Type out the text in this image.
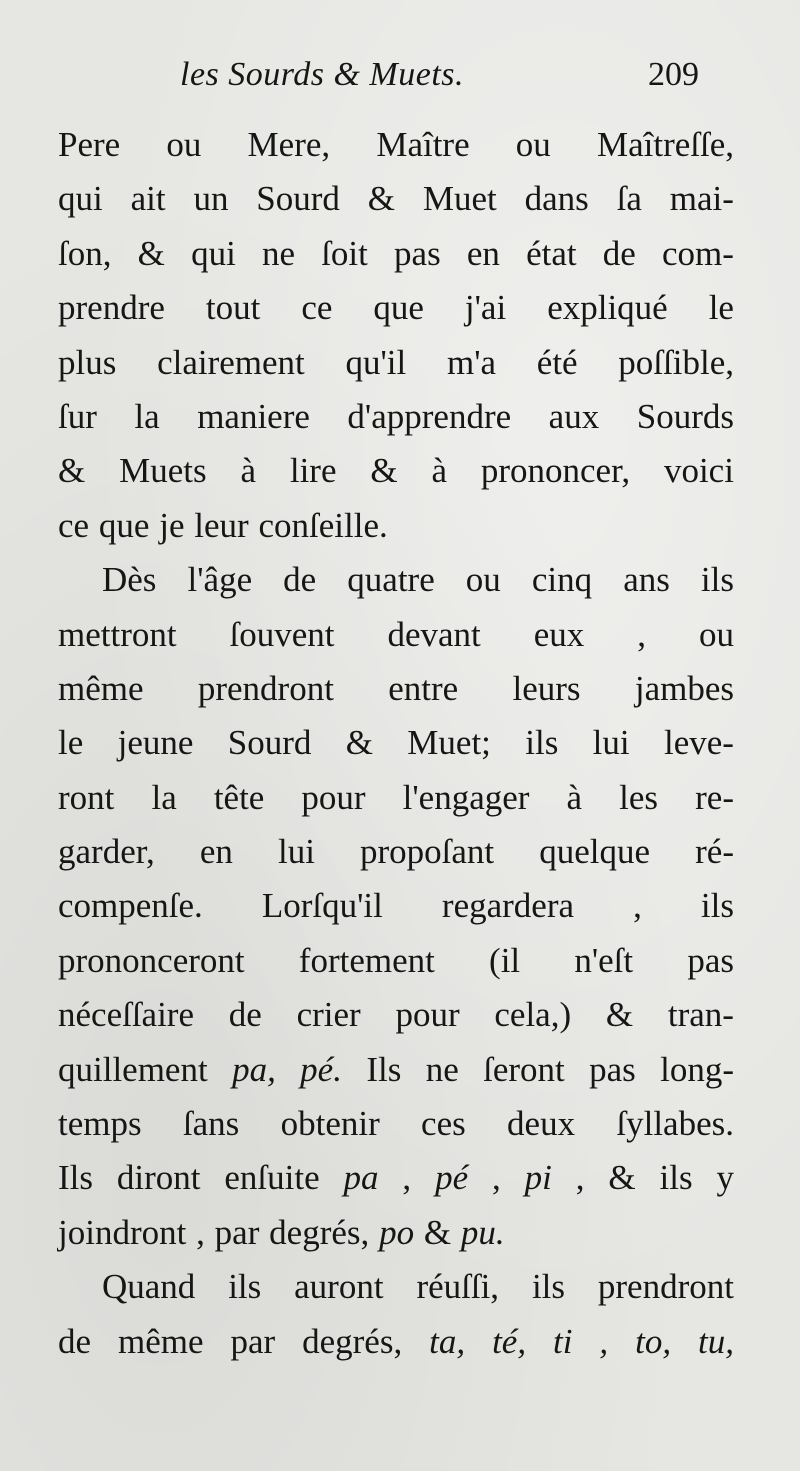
les Sourds & Muets.	209
Pere ou Mere, Maître ou Maîtreſſe,
qui ait un Sourd & Muet dans ſa mai-
ſon, & qui ne ſoit pas en état de com-
prendre tout ce que j'ai expliqué le
plus clairement qu'il m'a été poſſible,
ſur la maniere d'apprendre aux Sourds
& Muets à lire & à prononcer, voici
ce que je leur conſeille.
Dès l'âge de quatre ou cinq ans ils
mettront ſouvent devant eux , ou
même prendront entre leurs jambes
le jeune Sourd & Muet; ils lui leve-
ront la tête pour l'engager à les re-
garder, en lui propoſant quelque ré-
compenſe. Lorſqu'il regardera , ils
prononceront fortement (il n'eſt pas
néceſſaire de crier pour cela,) & tran-
quillement pa, pé. Ils ne ſeront pas long-
temps ſans obtenir ces deux ſyllabes.
Ils diront enſuite pa , pé , pi , & ils y
joindront , par degrés, po & pu.
Quand ils auront réuſſi, ils prendront
de même par degrés, ta, té, ti , to, tu,
